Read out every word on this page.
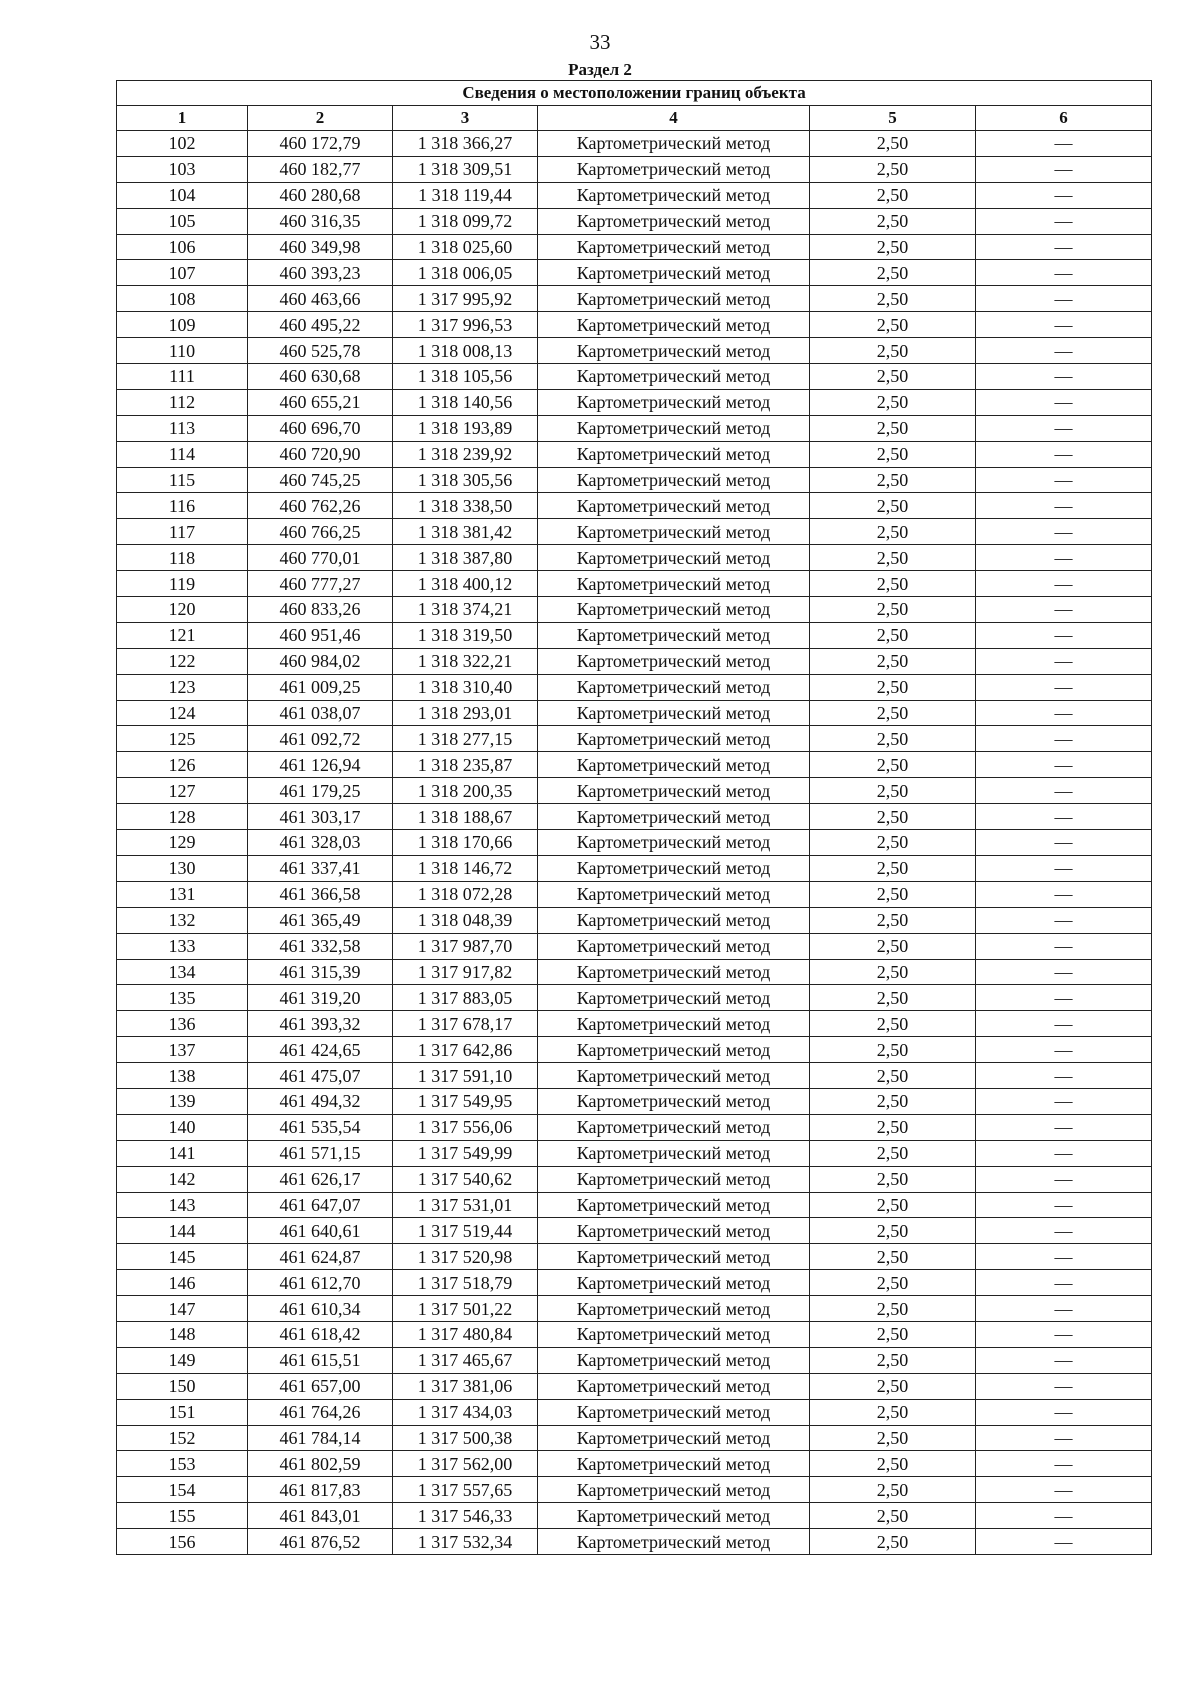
33
Раздел 2
Сведения о местоположении границ объекта					
1	2	3	4	5	6
102	460 172,79	1 318 366,27	Картометрический метод	2,50	—
103	460 182,77	1 318 309,51	Картометрический метод	2,50	—
104	460 280,68	1 318 119,44	Картометрический метод	2,50	—
105	460 316,35	1 318 099,72	Картометрический метод	2,50	—
106	460 349,98	1 318 025,60	Картометрический метод	2,50	—
107	460 393,23	1 318 006,05	Картометрический метод	2,50	—
108	460 463,66	1 317 995,92	Картометрический метод	2,50	—
109	460 495,22	1 317 996,53	Картометрический метод	2,50	—
110	460 525,78	1 318 008,13	Картометрический метод	2,50	—
111	460 630,68	1 318 105,56	Картометрический метод	2,50	—
112	460 655,21	1 318 140,56	Картометрический метод	2,50	—
113	460 696,70	1 318 193,89	Картометрический метод	2,50	—
114	460 720,90	1 318 239,92	Картометрический метод	2,50	—
115	460 745,25	1 318 305,56	Картометрический метод	2,50	—
116	460 762,26	1 318 338,50	Картометрический метод	2,50	—
117	460 766,25	1 318 381,42	Картометрический метод	2,50	—
118	460 770,01	1 318 387,80	Картометрический метод	2,50	—
119	460 777,27	1 318 400,12	Картометрический метод	2,50	—
120	460 833,26	1 318 374,21	Картометрический метод	2,50	—
121	460 951,46	1 318 319,50	Картометрический метод	2,50	—
122	460 984,02	1 318 322,21	Картометрический метод	2,50	—
123	461 009,25	1 318 310,40	Картометрический метод	2,50	—
124	461 038,07	1 318 293,01	Картометрический метод	2,50	—
125	461 092,72	1 318 277,15	Картометрический метод	2,50	—
126	461 126,94	1 318 235,87	Картометрический метод	2,50	—
127	461 179,25	1 318 200,35	Картометрический метод	2,50	—
128	461 303,17	1 318 188,67	Картометрический метод	2,50	—
129	461 328,03	1 318 170,66	Картометрический метод	2,50	—
130	461 337,41	1 318 146,72	Картометрический метод	2,50	—
131	461 366,58	1 318 072,28	Картометрический метод	2,50	—
132	461 365,49	1 318 048,39	Картометрический метод	2,50	—
133	461 332,58	1 317 987,70	Картометрический метод	2,50	—
134	461 315,39	1 317 917,82	Картометрический метод	2,50	—
135	461 319,20	1 317 883,05	Картометрический метод	2,50	—
136	461 393,32	1 317 678,17	Картометрический метод	2,50	—
137	461 424,65	1 317 642,86	Картометрический метод	2,50	—
138	461 475,07	1 317 591,10	Картометрический метод	2,50	—
139	461 494,32	1 317 549,95	Картометрический метод	2,50	—
140	461 535,54	1 317 556,06	Картометрический метод	2,50	—
141	461 571,15	1 317 549,99	Картометрический метод	2,50	—
142	461 626,17	1 317 540,62	Картометрический метод	2,50	—
143	461 647,07	1 317 531,01	Картометрический метод	2,50	—
144	461 640,61	1 317 519,44	Картометрический метод	2,50	—
145	461 624,87	1 317 520,98	Картометрический метод	2,50	—
146	461 612,70	1 317 518,79	Картометрический метод	2,50	—
147	461 610,34	1 317 501,22	Картометрический метод	2,50	—
148	461 618,42	1 317 480,84	Картометрический метод	2,50	—
149	461 615,51	1 317 465,67	Картометрический метод	2,50	—
150	461 657,00	1 317 381,06	Картометрический метод	2,50	—
151	461 764,26	1 317 434,03	Картометрический метод	2,50	—
152	461 784,14	1 317 500,38	Картометрический метод	2,50	—
153	461 802,59	1 317 562,00	Картометрический метод	2,50	—
154	461 817,83	1 317 557,65	Картометрический метод	2,50	—
155	461 843,01	1 317 546,33	Картометрический метод	2,50	—
156	461 876,52	1 317 532,34	Картометрический метод	2,50	—
